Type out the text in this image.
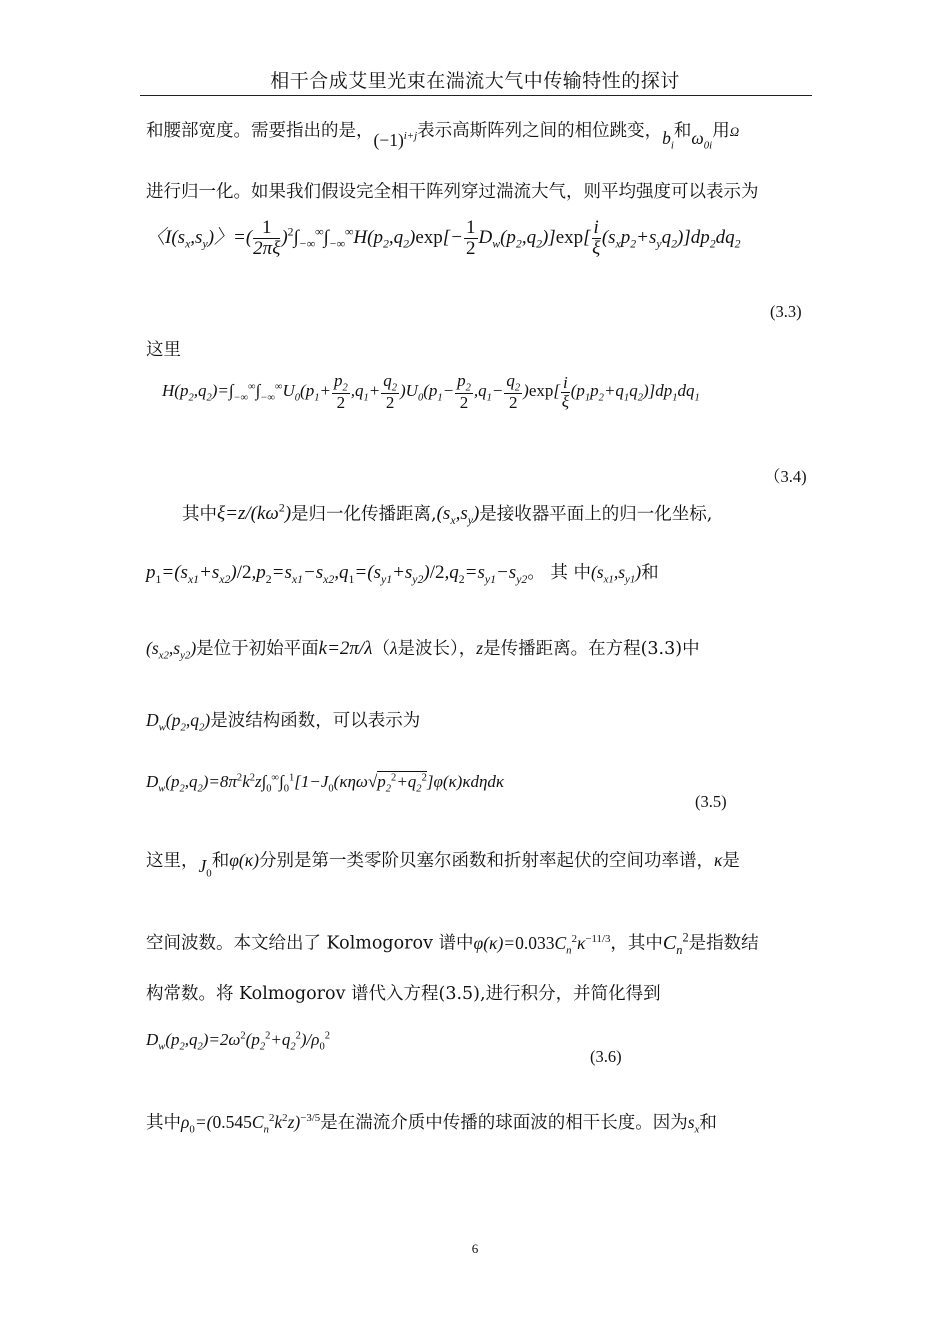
相干合成艾里光束在湍流大气中传输特性的探讨
和腰部宽度。需要指出的是，$(-1)^{i+j}$表示高斯阵列之间的相位跳变，$b_i$和$\omega_{0i}$用Ω
进行归一化。如果我们假设完全相干阵列穿过湍流大气，则平均强度可以表示为
〈$I(s_x,s_y)$〉=( $\frac{1}{2\pi\xi} )^2\int_{-\infty}^\infty\int_{-\infty}^\infty H(p_2,q_2)\exp[- \frac{1}{2} D_w(p_2,q_2)]\exp[ \frac{i}{\xi} (s_xp_2+s_yq_2)]dp_2dq_2$
(3.3)
这里
$H(p_2,q_2)=\int_{-\infty}^\infty\int_{-\infty}^\infty U_0(p_1+ \frac{p_2}{2} ,q_1+ \frac{q_2}{2} )U_0(p_1- \frac{p_2}{2} ,q_1- \frac{q_2}{2} )\exp[ \frac{i}{\xi} (p_1p_2+q_1q_2)]dp_1dq_1$
（3.4)
其中$\xi=z/(k\omega^2)$是归一化传播距离$,(s_x,s_y)$是接收器平面上的归一化坐标,
$p_1=(s_{x1}+s_{x2})/2,p_2=s_{x1}-s_{x2},q_1=(s_{y1}+s_{y2})/2,q_2=s_{y1}-s_{y2}$。 其 中$(s_{x1},s_{y1})$和
$(s_{x2},s_{y2})$是位于初始平面k=2π/λ（λ是波长），z是传播距离。在方程(3.3)中
$D_w(p_2,q_2)$是波结构函数，可以表示为
$D_w(p_2,q_2)=8\pi^2k^2z\int_0^\infty\int_0^1[1-J_0(\kappa\eta\omega√p_2^2+q_2^2]\varphi(\kappa)\kappa d\eta d\kappa$
(3.5)
这里，$J_0$和φ(κ)分别是第一类零阶贝塞尔函数和折射率起伏的空间功率谱，κ是
空间波数。本文给出了 Kolmogorov 谱中$\varphi(\kappa)=0.033C_n^2\kappa^{-11/3}$，其中$C_n^2$是指数结
构常数。将 Kolmogorov 谱代入方程(3.5),进行积分，并简化得到
$D_w(p_2,q_2)=2\omega^2(p_2^2+q_2^2)/\rho_0^2$
(3.6)
其中$\rho_0=(0.545C_n^2k^2z)^{-3/5}$是在湍流介质中传播的球面波的相干长度。因为$s_x$和
6
